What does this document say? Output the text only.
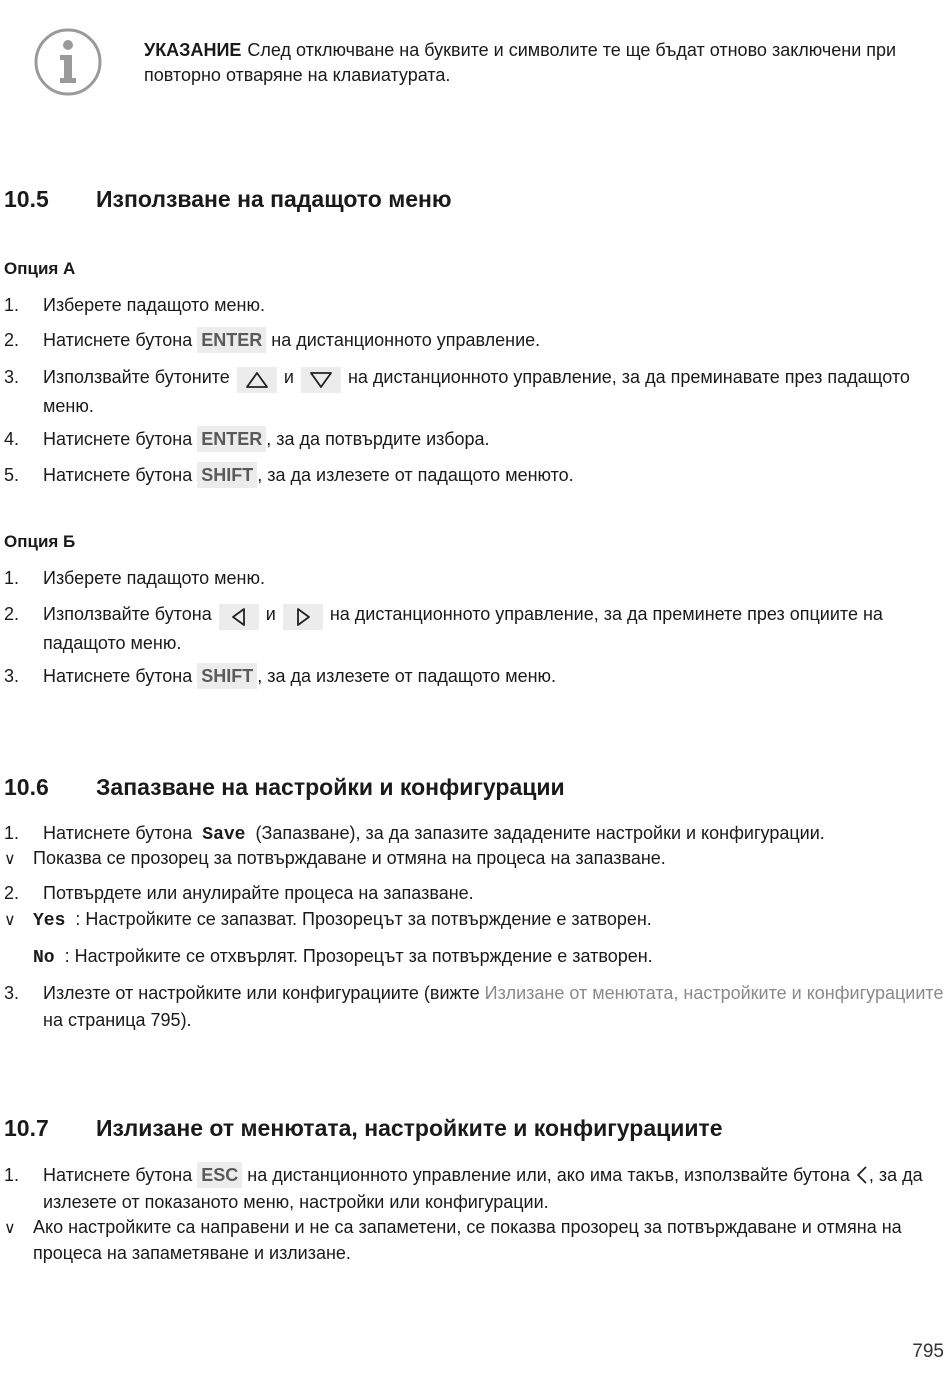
УКАЗАНИЕ След отключване на буквите и символите те ще бъдат отново заключени при повторно отваряне на клавиатурата.
10.5 Използване на падащото меню
Опция А
1. Изберете падащото меню.
2. Натиснете бутона ENTER на дистанционното управление.
3. Използвайте бутоните	и	на дистанционното управление, за да преминавате през падащото меню.
4. Натиснете бутона ENTER , за да потвърдите избора.
5. Натиснете бутона SHIFT , за да излезете от падащото менюто.
Опция Б
1. Изберете падащото меню.
2. Използвайте бутона	и	на дистанционното управление, за да преминете през опциите на падащото меню.
3. Натиснете бутона SHIFT , за да излезете от падащото меню.
10.6 Запазване на настройки и конфигурации
1. Натиснете бутона Save (Запазване), за да запазите зададените настройки и конфигурации.
∨ Показва се прозорец за потвърждаване и отмяна на процеса на запазване.
2. Потвърдете или анулирайте процеса на запазване.
∨ Yes : Настройките се запазват. Прозорецът за потвърждение е затворен.
No : Настройките се отхвърлят. Прозорецът за потвърждение е затворен.
3. Излезте от настройките или конфигурациите (вижте Излизане от менютата, настройките и конфигурациите на страница 795).
10.7 Излизане от менютата, настройките и конфигурациите
1. Натиснете бутона ESC на дистанционното управление или, ако има такъв, използвайте бутона , за да излезете от показаното меню, настройки или конфигурации.
∨ Ако настройките са направени и не са запаметени, се показва прозорец за потвърждаване и отмяна на процеса на запаметяване и излизане.
795
